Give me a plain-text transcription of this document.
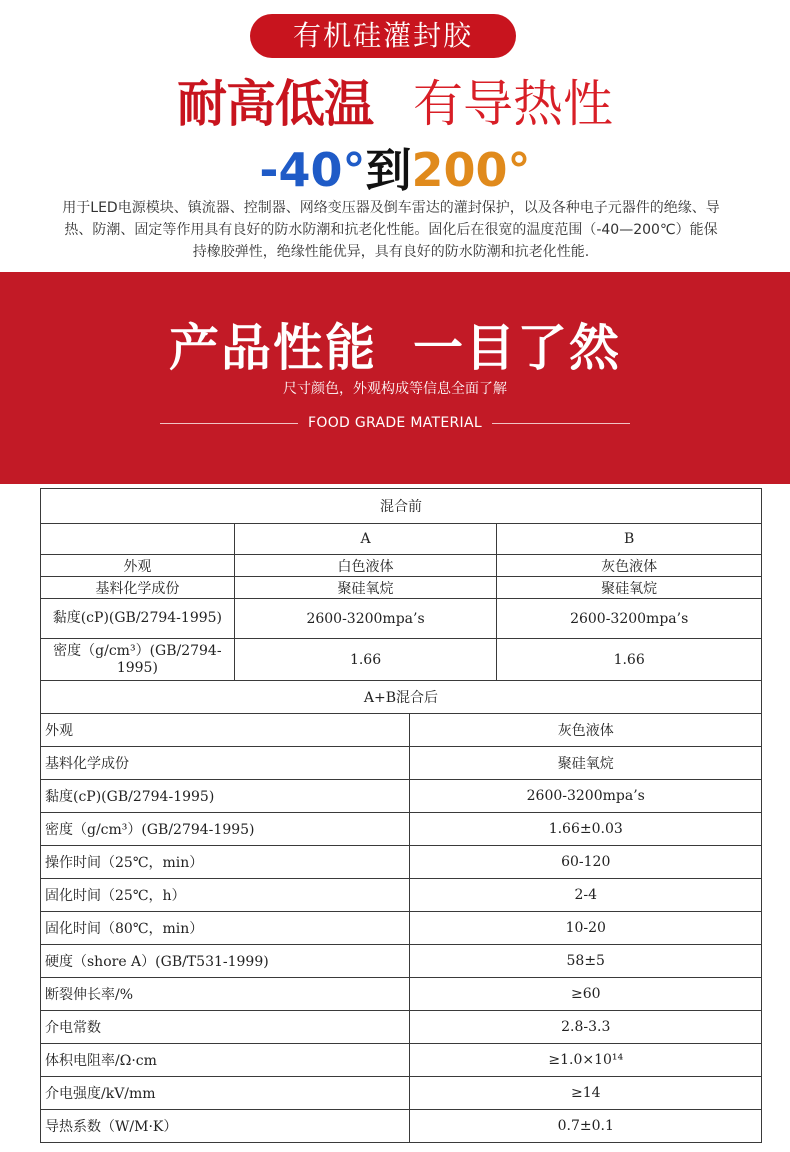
有机硅灌封胶
耐高低温 有导热性
-40°到200°

用于LED电源模块、镇流器、控制器、网络变压器及倒车雷达的灌封保护，以及各种电子元器件的绝缘、导

热、防潮、固定等作用具有良好的防水防潮和抗老化性能。固化后在很宽的温度范围（-40—200℃）能保

持橡胶弹性，绝缘性能优异，具有良好的防水防潮和抗老化性能.

产品性能 一目了然
尺寸颜色，外观构成等信息全面了解
FOOD GRADE MATERIAL
混合前			
	A		B
外观	白色液体		灰色液体
基料化学成份	聚硅氧烷		聚硅氧烷
黏度(cP)(GB/2794-1995)	2600-3200mpa’s		2600-3200mpa’s
密度（g/cm³）(GB/2794-1995)	1.66		1.66
A+B混合后			
外观		灰色液体	
基料化学成份		聚硅氧烷	
黏度(cP)(GB/2794-1995)		2600-3200mpa’s	
密度（g/cm³）(GB/2794-1995)		1.66±0.03	
操作时间（25℃，min）		60-120	
固化时间（25℃，h）		2-4	
固化时间（80℃，min）		10-20	
硬度（shore A）(GB/T531-1999)		58±5	
断裂伸长率/%		≥60	
介电常数		2.8-3.3	
体积电阻率/Ω·cm		≥1.0×10¹⁴	
介电强度/kV/mm		≥14	
导热系数（W/M·K）		0.7±0.1	
